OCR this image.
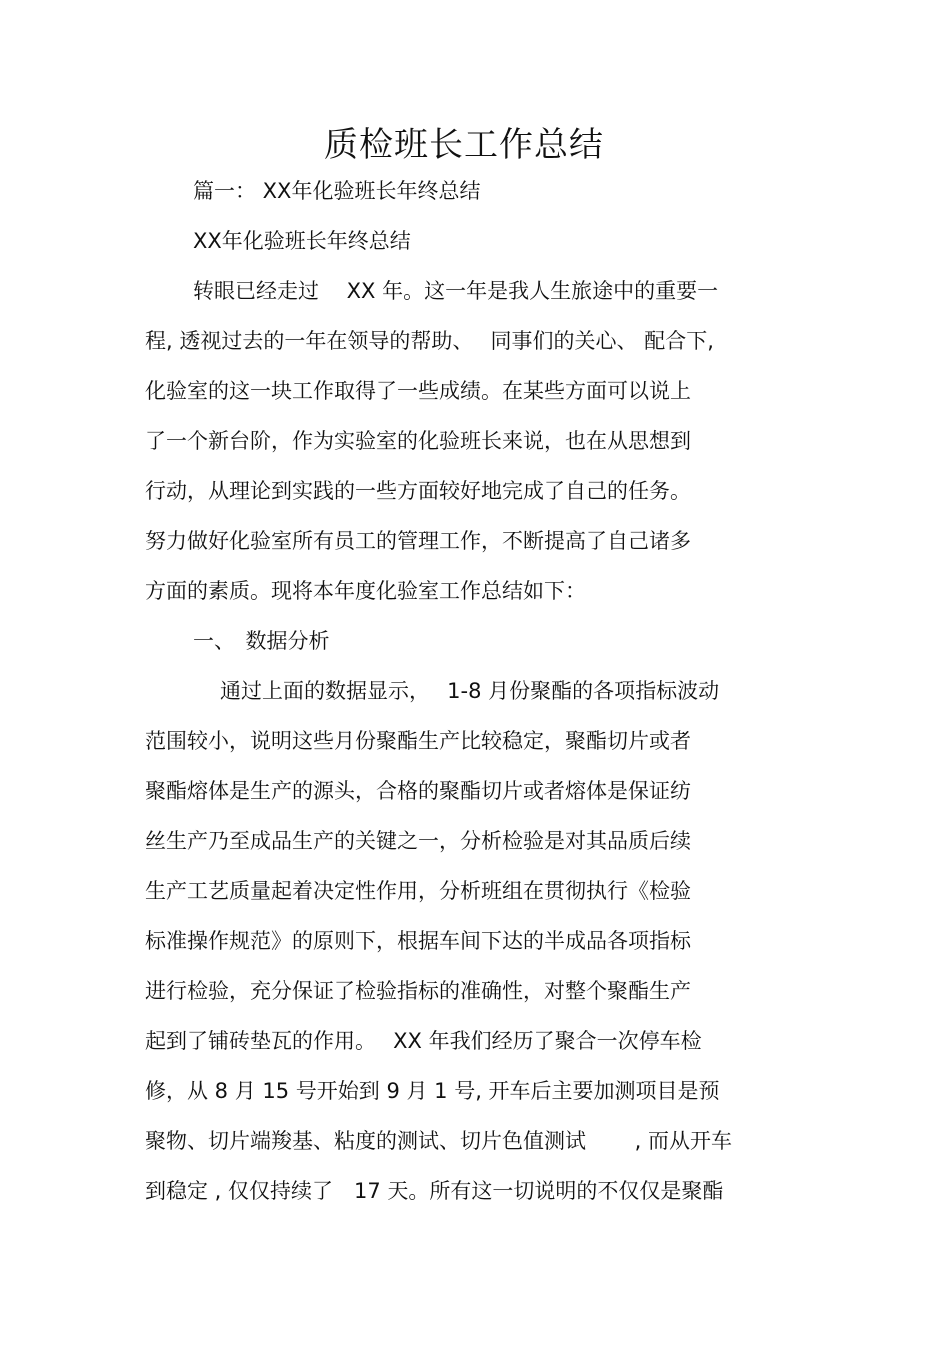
质检班长工作总结
篇一： XX年化验班长年终总结
XX年化验班长年终总结
转眼已经走过　 XX 年。这一年是我人生旅途中的重要一
程, 透视过去的一年在领导的帮助、　 同事们的关心、 配合下,
化验室的这一块工作取得了一些成绩。在某些方面可以说上
了一个新台阶，作为实验室的化验班长来说，也在从思想到
行动，从理论到实践的一些方面较好地完成了自己的任务。
努力做好化验室所有员工的管理工作，不断提高了自己诸多
方面的素质。现将本年度化验室工作总结如下：
一、　数据分析
通过上面的数据显示，　 1-8 月份聚酯的各项指标波动
范围较小，说明这些月份聚酯生产比较稳定，聚酯切片或者
聚酯熔体是生产的源头，合格的聚酯切片或者熔体是保证纺
丝生产乃至成品生产的关键之一，分析检验是对其品质后续
生产工艺质量起着决定性作用，分析班组在贯彻执行《检验
标准操作规范》的原则下，根据车间下达的半成品各项指标
进行检验，充分保证了检验指标的准确性，对整个聚酯生产
起到了铺砖垫瓦的作用。　 XX 年我们经历了聚合一次停车检
修，从 8 月 15 号开始到 9 月 1 号, 开车后主要加测项目是预
聚物、切片端羧基、粘度的测试、切片色值测试　　 , 而从开车
到稳定 , 仅仅持续了　17 天。所有这一切说明的不仅仅是聚酯
